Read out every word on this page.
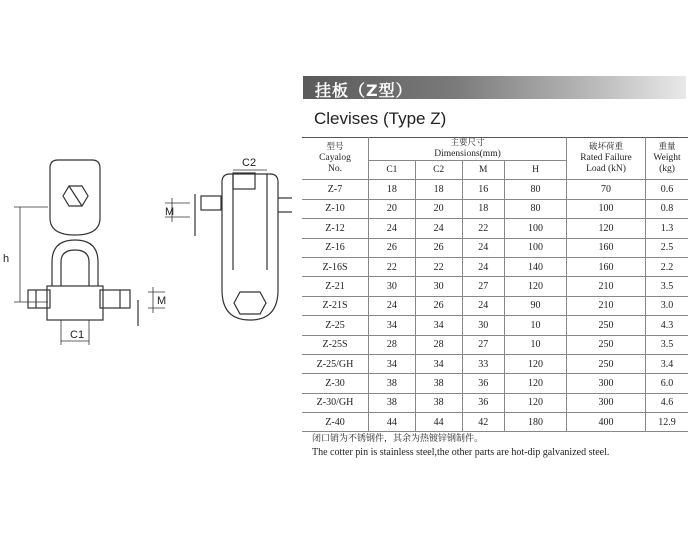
h
M
C1
C2
M
挂板（Z型）
Clevises (Type Z)
型号
Cayalog
No.	主要尺寸
Dimensions(mm)				破坏荷重
Rated Failure
Load (kN)	重量
Weight
(kg)
	C1	C2	M	H		
Z-7	18	18	16	80	70	0.6
Z-10	20	20	18	80	100	0.8
Z-12	24	24	22	100	120	1.3
Z-16	26	26	24	100	160	2.5
Z-16S	22	22	24	140	160	2.2
Z-21	30	30	27	120	210	3.5
Z-21S	24	26	24	90	210	3.0
Z-25	34	34	30	10	250	4.3
Z-25S	28	28	27	10	250	3.5
Z-25/GH	34	34	33	120	250	3.4
Z-30	38	38	36	120	300	6.0
Z-30/GH	38	38	36	120	300	4.6
Z-40	44	44	42	180	400	12.9
闭口销为不锈钢件，其余为热镀锌钢制件。
The cotter pin is stainless steel,the other parts are hot-dip galvanized steel.
